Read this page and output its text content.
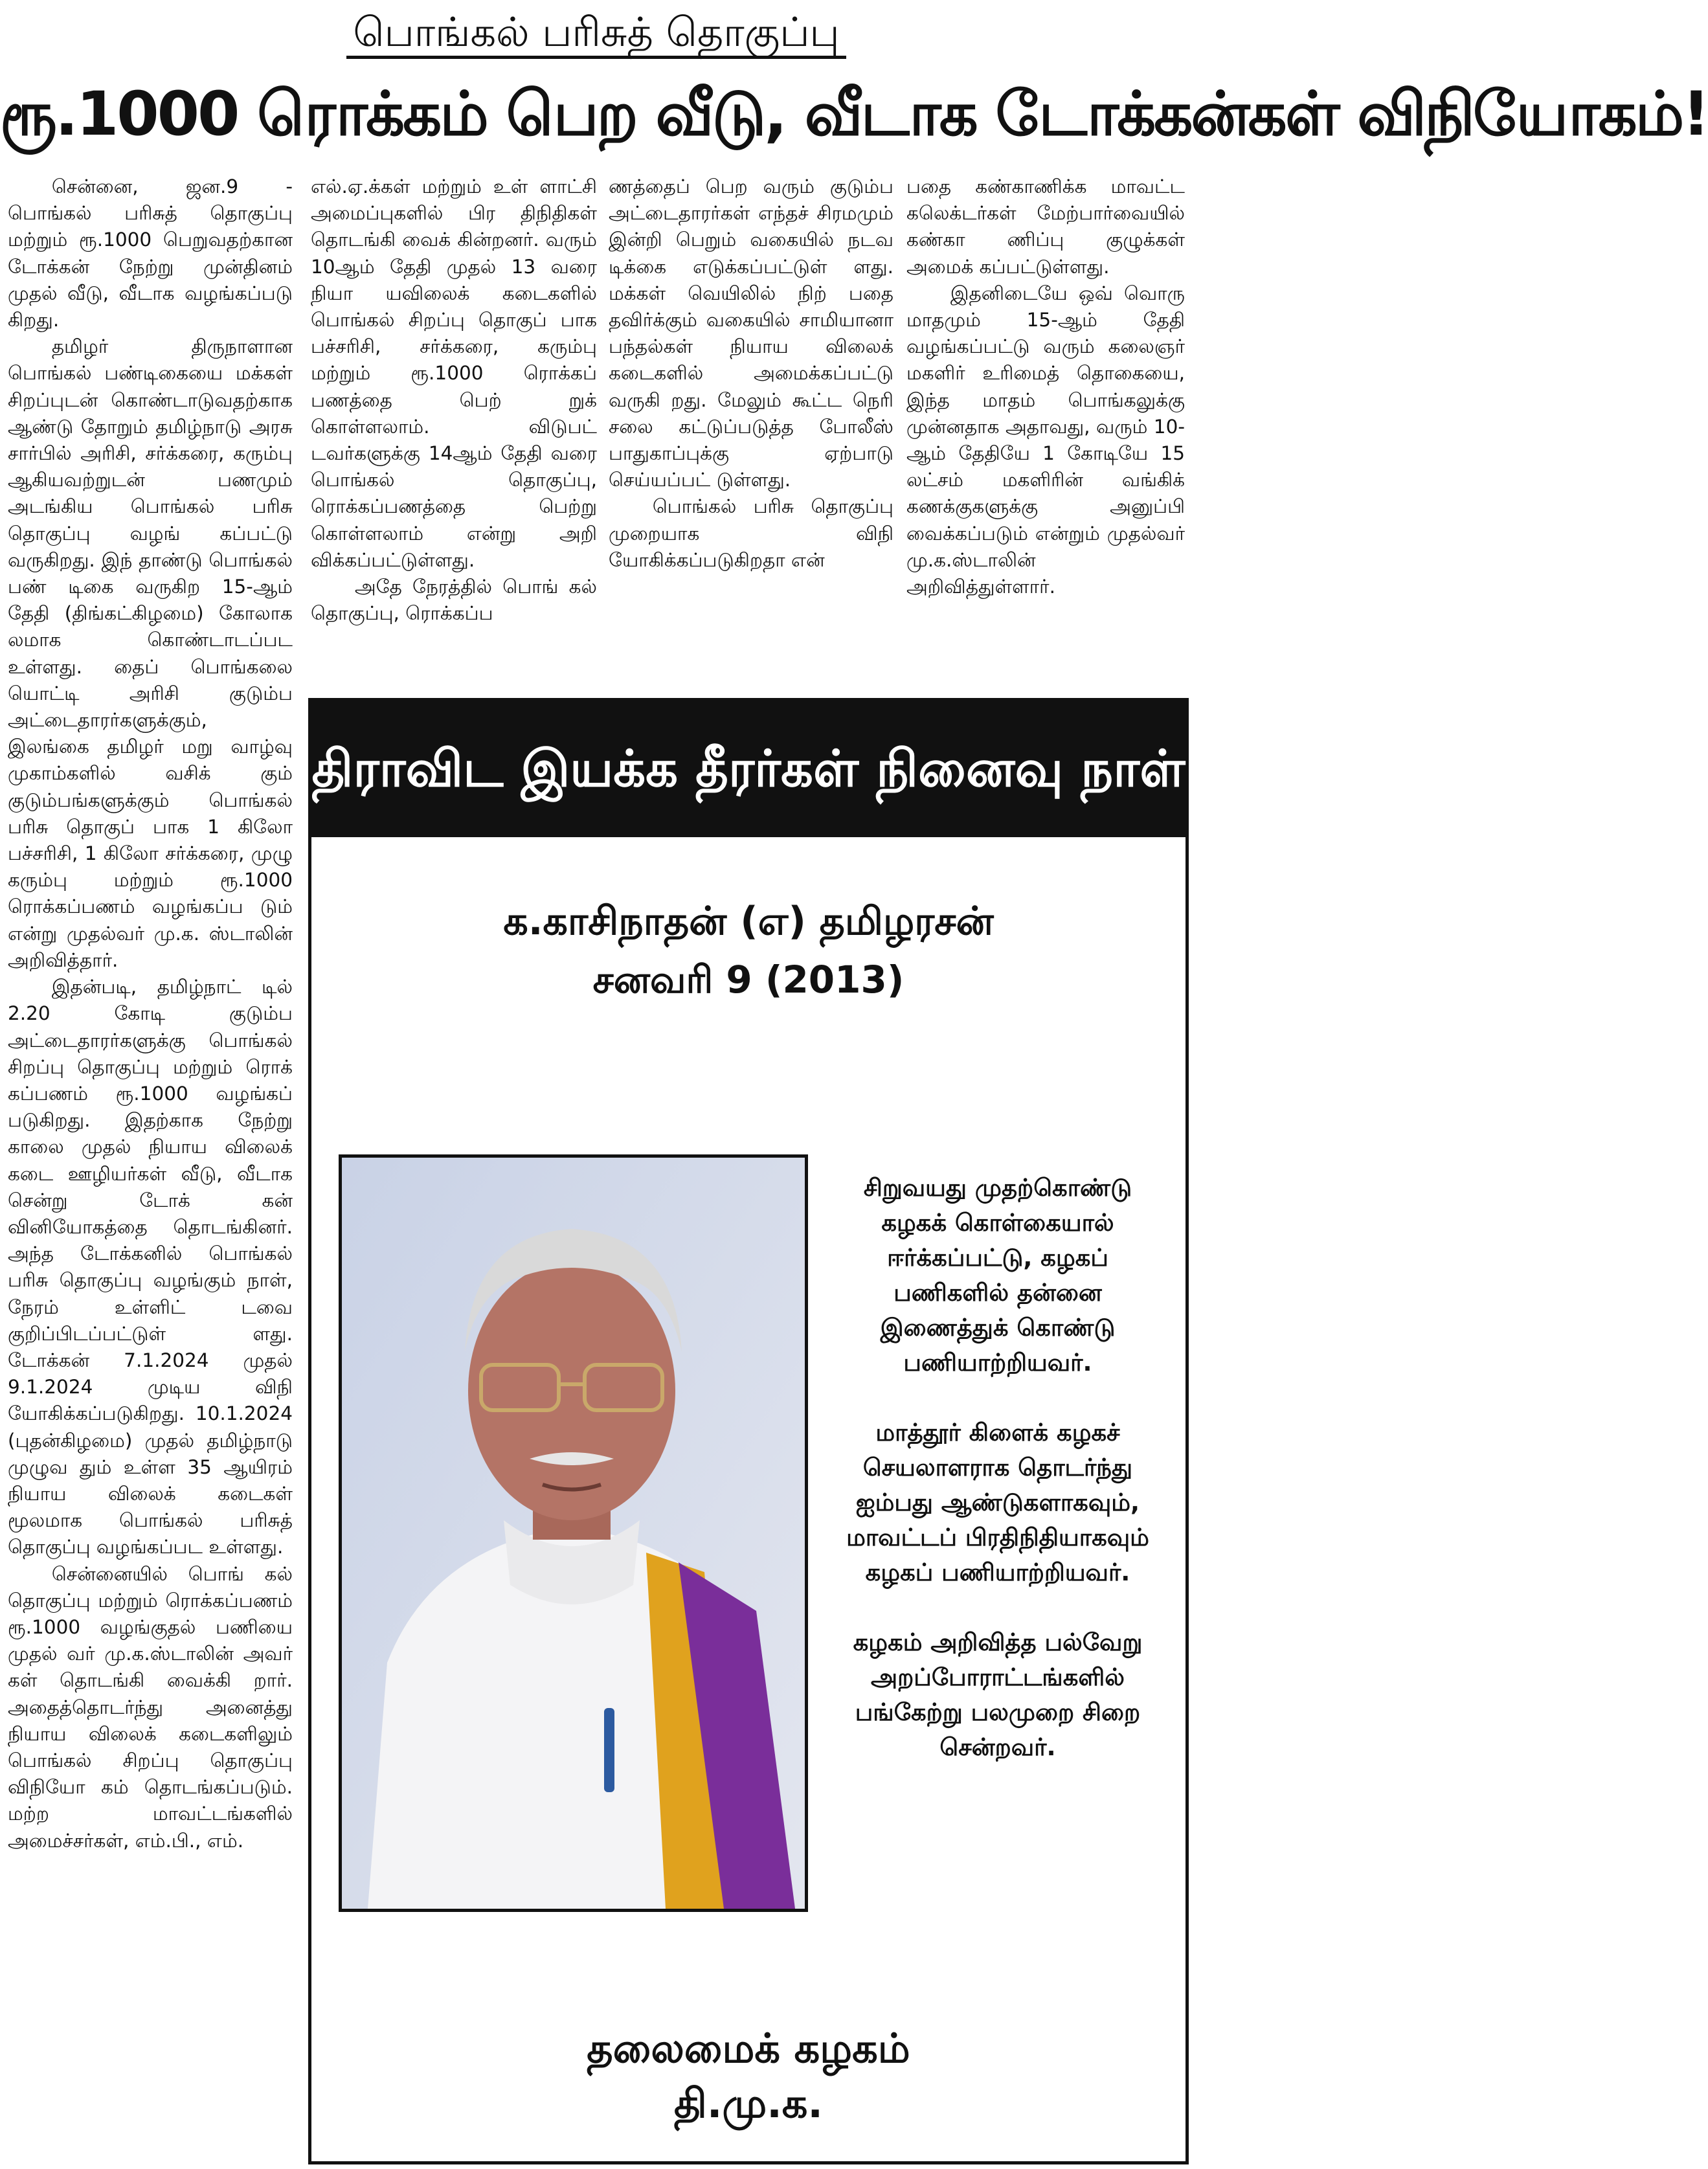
பொங்கல் பரிசுத் தொகுப்பு
ரூ.1000 ரொக்கம் பெற வீடு, வீடாக டோக்கன்கள் விநியோகம்!

சென்னை, ஜன.9 - பொங்கல் பரிசுத் தொகுப்பு மற்றும் ரூ.1000 பெறுவதற்கான டோக்கன் நேற்று முன்தினம் முதல் வீடு, வீடாக வழங்கப்படு கிறது.

தமிழர் திருநாளான பொங்கல் பண்டிகையை மக்கள் சிறப்புடன் கொண்டாடுவதற்காக ஆண்டு தோறும் தமிழ்நாடு அரசு சார்பில் அரிசி, சர்க்கரை, கரும்பு ஆகியவற்றுடன் பணமும் அடங்கிய பொங்கல் பரிசு தொகுப்பு வழங் கப்பட்டு வருகிறது. இந் தாண்டு பொங்கல் பண் டிகை வருகிற 15-ஆம் தேதி (திங்கட்கிழமை) கோலாக லமாக கொண்டாடப்பட உள்ளது. தைப் பொங்கலை யொட்டி அரிசி குடும்ப அட்டைதாரர்களுக்கும், இலங்கை தமிழர் மறு வாழ்வு முகாம்களில் வசிக் கும் குடும்பங்களுக்கும் பொங்கல் பரிசு தொகுப் பாக 1 கிலோ பச்சரிசி, 1 கிலோ சர்க்கரை, முழு கரும்பு மற்றும் ரூ.1000 ரொக்கப்பணம் வழங்கப்ப டும் என்று முதல்வர் மு.க. ஸ்டாலின் அறிவித்தார்.

இதன்படி, தமிழ்நாட் டில் 2.20 கோடி குடும்ப அட்டைதாரர்களுக்கு பொங்கல் சிறப்பு தொகுப்பு மற்றும் ரொக் கப்பணம் ரூ.1000 வழங்கப் படுகிறது. இதற்காக நேற்று காலை முதல் நியாய விலைக் கடை ஊழியர்கள் வீடு, வீடாக சென்று டோக் கன் வினியோகத்தை தொடங்கினர். அந்த டோக்கனில் பொங்கல் பரிசு தொகுப்பு வழங்கும் நாள், நேரம் உள்ளிட் டவை குறிப்பிடப்பட்டுள் ளது. டோக்கன் 7.1.2024 முதல் 9.1.2024 முடிய விநி யோகிக்கப்படுகிறது. 10.1.2024 (புதன்கிழமை) முதல் தமிழ்நாடு முழுவ தும் உள்ள 35 ஆயிரம் நியாய விலைக் கடைகள் மூலமாக பொங்கல் பரிசுத் தொகுப்பு வழங்கப்பட உள்ளது.

சென்னையில் பொங் கல் தொகுப்பு மற்றும் ரொக்கப்பணம் ரூ.1000 வழங்குதல் பணியை முதல் வர் மு.க.ஸ்டாலின் அவர் கள் தொடங்கி வைக்கி றார். அதைத்தொடர்ந்து அனைத்து நியாய விலைக் கடைகளிலும் பொங்கல் சிறப்பு தொகுப்பு விநியோ கம் தொடங்கப்படும். மற்ற மாவட்டங்களில் அமைச்சர்கள், எம்.பி., எம்.

எல்.ஏ.க்கள் மற்றும் உள் ளாட்சி அமைப்புகளில் பிர திநிதிகள் தொடங்கி வைக் கின்றனர். வரும் 10ஆம் தேதி முதல் 13 வரை நியா யவிலைக் கடைகளில் பொங்கல் சிறப்பு தொகுப் பாக பச்சரிசி, சர்க்கரை, கரும்பு மற்றும் ரூ.1000 ரொக்கப் பணத்தை பெற் றுக் கொள்ளலாம். விடுபட் டவர்களுக்கு 14ஆம் தேதி வரை பொங்கல் தொகுப்பு, ரொக்கப்பணத்தை பெற்று கொள்ளலாம் என்று அறி விக்கப்பட்டுள்ளது.

அதே நேரத்தில் பொங் கல் தொகுப்பு, ரொக்கப்ப

ணத்தைப் பெற வரும் குடும்ப அட்டைதாரர்கள் எந்தச் சிரமமும் இன்றி பெறும் வகையில் நடவ டிக்கை எடுக்கப்பட்டுள் ளது. மக்கள் வெயிலில் நிற் பதை தவிர்க்கும் வகையில் சாமியானா பந்தல்கள் நியாய விலைக் கடைகளில் அமைக்கப்பட்டு வருகி றது. மேலும் கூட்ட நெரி சலை கட்டுப்படுத்த போலீஸ் பாதுகாப்புக்கு ஏற்பாடு செய்யப்பட் டுள்ளது.

பொங்கல் பரிசு தொகுப்பு முறையாக விநி யோகிக்கப்படுகிறதா என்

பதை கண்காணிக்க மாவட்ட கலெக்டர்கள் மேற்பார்வையில் கண்கா ணிப்பு குழுக்கள் அமைக் கப்பட்டுள்ளது.

இதனிடையே ஒவ் வொரு மாதமும் 15-ஆம் தேதி வழங்கப்பட்டு வரும் கலைஞர் மகளிர் உரிமைத் தொகையை, இந்த மாதம் பொங்கலுக்கு முன்னதாக அதாவது, வரும் 10-ஆம் தேதியே 1 கோடியே 15 லட்சம் மகளிரின் வங்கிக் கணக்குகளுக்கு அனுப்பி வைக்கப்படும் என்றும் முதல்வர் மு.க.ஸ்டாலின் அறிவித்துள்ளார்.

திராவிட இயக்க தீரர்கள் நினைவு நாள்
க.காசிநாதன் (எ) தமிழரசன்
சனவரி 9 (2013)

சிறுவயது முதற்கொண்டு கழகக் கொள்கையால் ஈர்க்கப்பட்டு, கழகப் பணிகளில் தன்னை இணைத்துக் கொண்டு பணியாற்றியவர்.

மாத்தூர் கிளைக் கழகச் செயலாளராக தொடர்ந்து ஐம்பது ஆண்டுகளாகவும், மாவட்டப் பிரதிநிதியாகவும் கழகப் பணியாற்றியவர்.

கழகம் அறிவித்த பல்வேறு அறப்போராட்டங்களில் பங்கேற்று பலமுறை சிறை சென்றவர்.

தலைமைக் கழகம்
தி.மு.க.
